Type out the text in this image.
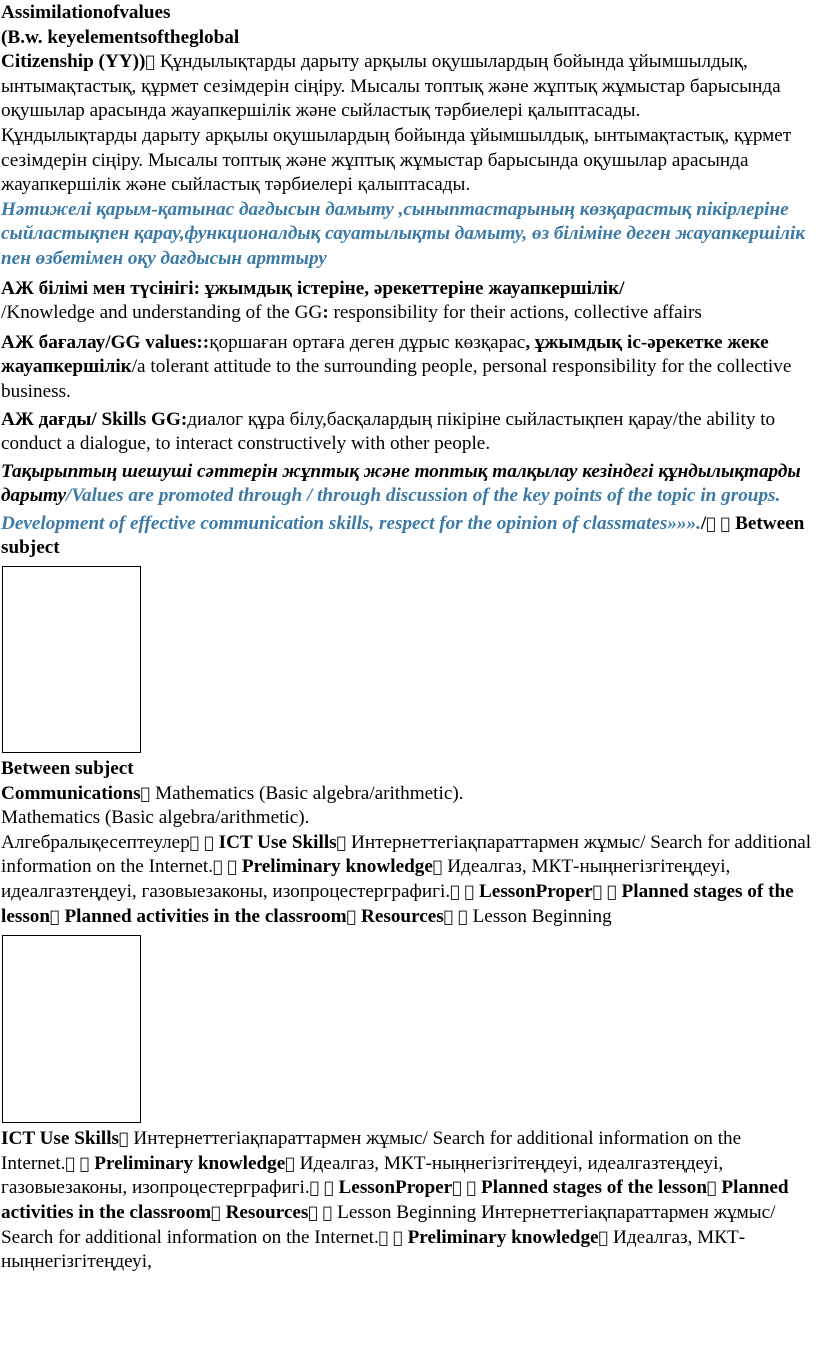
Assimilationofvalues

(B.w. keyelementsoftheglobal

Citizenship (YY)) Құндылықтарды дарыту арқылы оқушылардың бойында ұйымшылдық, ынтымақтастық, құрмет сезімдерін сіңіру. Мысалы топтық және жұптық жұмыстар барысында оқушылар арасында жауапкершілік және сыйластық тәрбиелері қалыптасады.

Құндылықтарды дарыту арқылы оқушылардың бойында ұйымшылдық, ынтымақтастық, құрмет сезімдерін сіңіру. Мысалы топтық және жұптық жұмыстар барысында оқушылар арасында жауапкершілік және сыйластық тәрбиелері қалыптасады.

Нәтижелі қарым-қатынас дағдысын дамыту ,сыныптастарының көзқарастық пікірлеріне сыйластықпен қарау,функционалдық сауатылықты дамыту, өз біліміне деген жауапкершілік пен өзбетімен оқу дағдысын арттыру

АЖ білімі мен түсінігі: ұжымдық істеріне, әрекеттеріне жауапкершілік/
/Knowledge and understanding of the GG: responsibility for their actions, collective affairs

АЖ бағалау/GG values::қоршаған ортаға деген дұрыс көзқарас, ұжымдық іс-әрекетке жеке жауапкершілік/a tolerant attitude to the surrounding people, personal responsibility for the collective business.

АЖ дағды/ Skills GG:диалог құра білу,басқалардың пікіріне сыйластықпен қарау/the ability to conduct a dialogue, to interact constructively with other people.

Тақырыптың шешуші сәттерін жұптық және топтық талқылау кезіндегі құндылықтарды дарыту/Values are promoted through / through discussion of the key points of the topic in groups.

Development of effective communication skills, respect for the opinion of classmates»»»./ Between subject

Between subject
Communications Mathematics (Basic algebra/arithmetic).
Mathematics (Basic algebra/arithmetic).
Алгебралықесептеулер ICT Use Skills Интернеттегіақпараттармен жұмыс/ Search for additional information on the Internet. Preliminary knowledge Идеалгаз, МКТ-ныңнегізгітеңдеуі, идеалгазтеңдеуі, газовыезаконы, изопроцестерграфигі. LessonProper Planned stages of the lesson Planned activities in the classroom Resources Lesson Beginning

ICT Use Skills Интернеттегіақпараттармен жұмыс/ Search for additional information on the Internet. Preliminary knowledge Идеалгаз, МКТ-ныңнегізгітеңдеуі, идеалгазтеңдеуі, газовыезаконы, изопроцестерграфигі. LessonProper Planned stages of the lesson Planned activities in the classroom Resources Lesson Beginning Интернеттегіақпараттармен жұмыс/ Search for additional information on the Internet. Preliminary knowledge Идеалгаз, МКТ-ныңнегізгітеңдеуі,
